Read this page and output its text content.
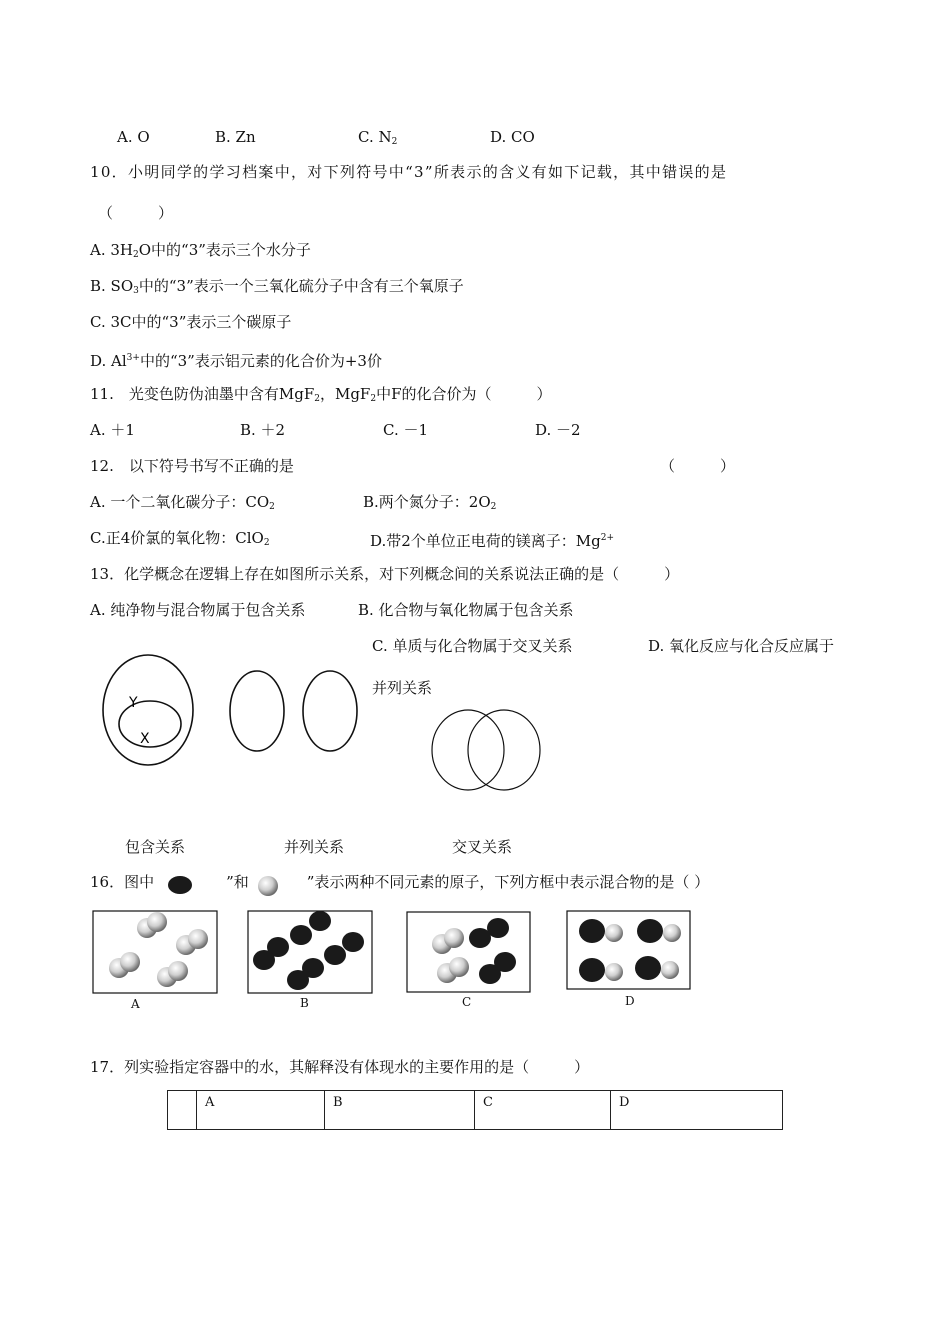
A. O	B. Zn	C. $N_2$	D. CO
10．小明同学的学习档案中，对下列符号中“3”所表示的含义有如下记载，其中错误的是
（　　　）
A. $3H_2O$中的“3”表示三个水分子
B. $SO_3$中的“3”表示一个三氧化硫分子中含有三个氧原子
C. 3C中的“3”表示三个碳原子
D. $Al^{3+}$中的“3”表示铝元素的化合价为+3价
11.　光变色防伪油墨中含有MgF$_2$，MgF$_2$中F的化合价为（　　　）
A. ＋1	B. ＋2	C. －1	D. －2
12.　以下符号书写不正确的是	（　　　）
A. 一个二氧化碳分子：$CO_2$	B.两个氮分子：$2O_2$
C.正4价氯的氧化物：ClO$_2$	D.带2个单位正电荷的镁离子：$Mg^{2+}$
13．化学概念在逻辑上存在如图所示关系，对下列概念间的关系说法正确的是（　　　）
A. 纯净物与混合物属于包含关系	B. 化合物与氧化物属于包含关系
C. 单质与化合物属于交叉关系	D. 氧化反应与化合反应属于
并列关系
Y
X
包含关系	并列关系	交叉关系
16．图中	”和	”表示两种不同元素的原子，下列方框中表示混合物的是（ ）
A	B	C	D
17．列实验指定容器中的水，其解释没有体现水的主要作用的是（　　　）
	A	B	C	D
